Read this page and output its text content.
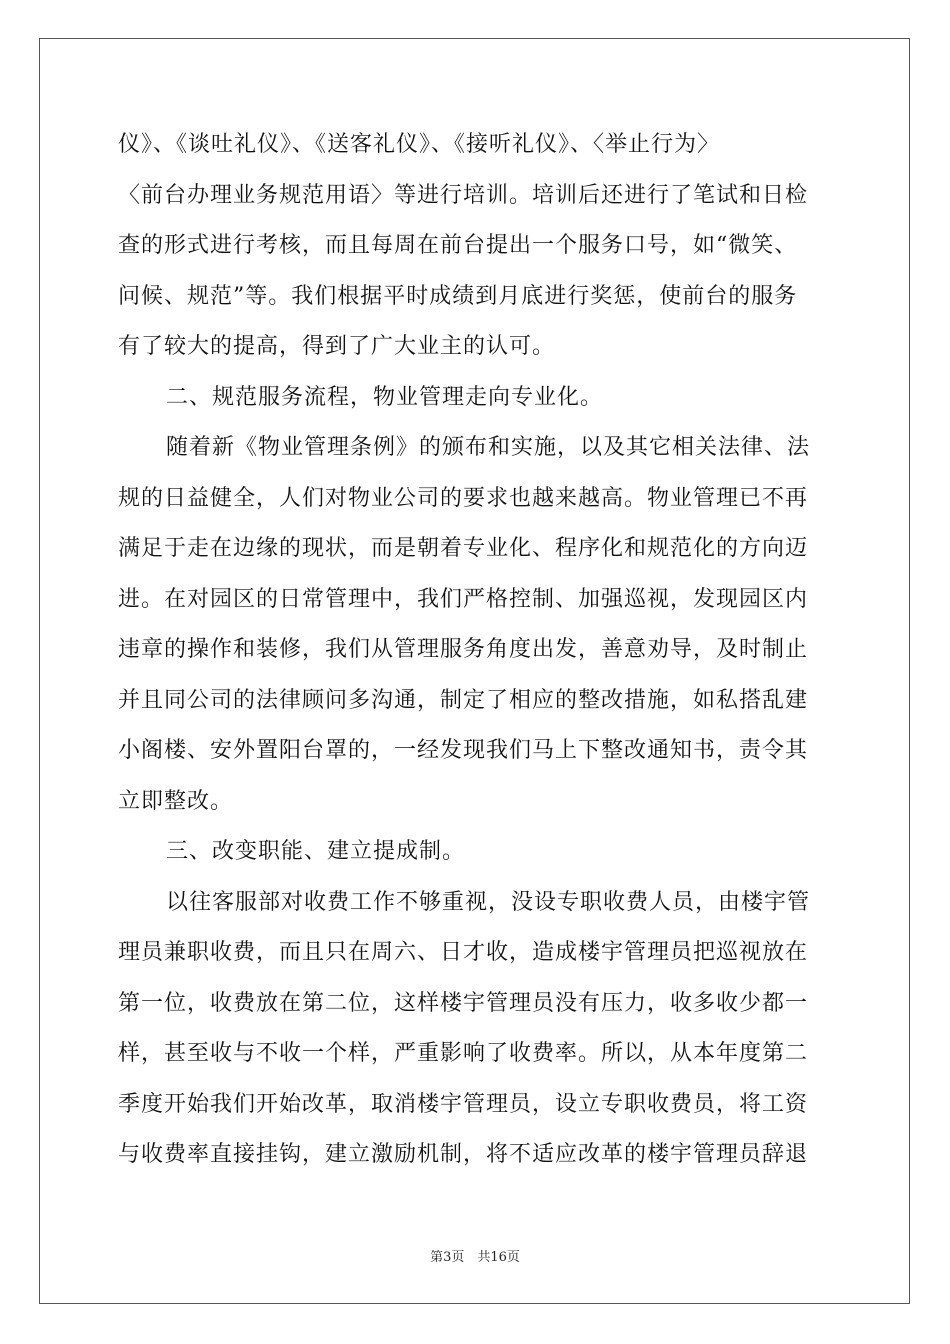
仪》、《谈吐礼仪》、《送客礼仪》、《接听礼仪》、〈举止行为〉
〈前台办理业务规范用语〉等进行培训。培训后还进行了笔试和日检
查的形式进行考核，而且每周在前台提出一个服务口号，如“微笑、
问候、规范”等。我们根据平时成绩到月底进行奖惩，使前台的服务
有了较大的提高，得到了广大业主的认可。
二、规范服务流程，物业管理走向专业化。
随着新《物业管理条例》的颁布和实施，以及其它相关法律、法
规的日益健全，人们对物业公司的要求也越来越高。物业管理已不再
满足于走在边缘的现状，而是朝着专业化、程序化和规范化的方向迈
进。在对园区的日常管理中，我们严格控制、加强巡视，发现园区内
违章的操作和装修，我们从管理服务角度出发，善意劝导，及时制止
并且同公司的法律顾问多沟通，制定了相应的整改措施，如私搭乱建
小阁楼、安外置阳台罩的，一经发现我们马上下整改通知书，责令其
立即整改。
三、改变职能、建立提成制。
以往客服部对收费工作不够重视，没设专职收费人员，由楼宇管
理员兼职收费，而且只在周六、日才收，造成楼宇管理员把巡视放在
第一位，收费放在第二位，这样楼宇管理员没有压力，收多收少都一
样，甚至收与不收一个样，严重影响了收费率。所以，从本年度第二
季度开始我们开始改革，取消楼宇管理员，设立专职收费员，将工资
与收费率直接挂钩，建立激励机制，将不适应改革的楼宇管理员辞退
第3页　共16页
